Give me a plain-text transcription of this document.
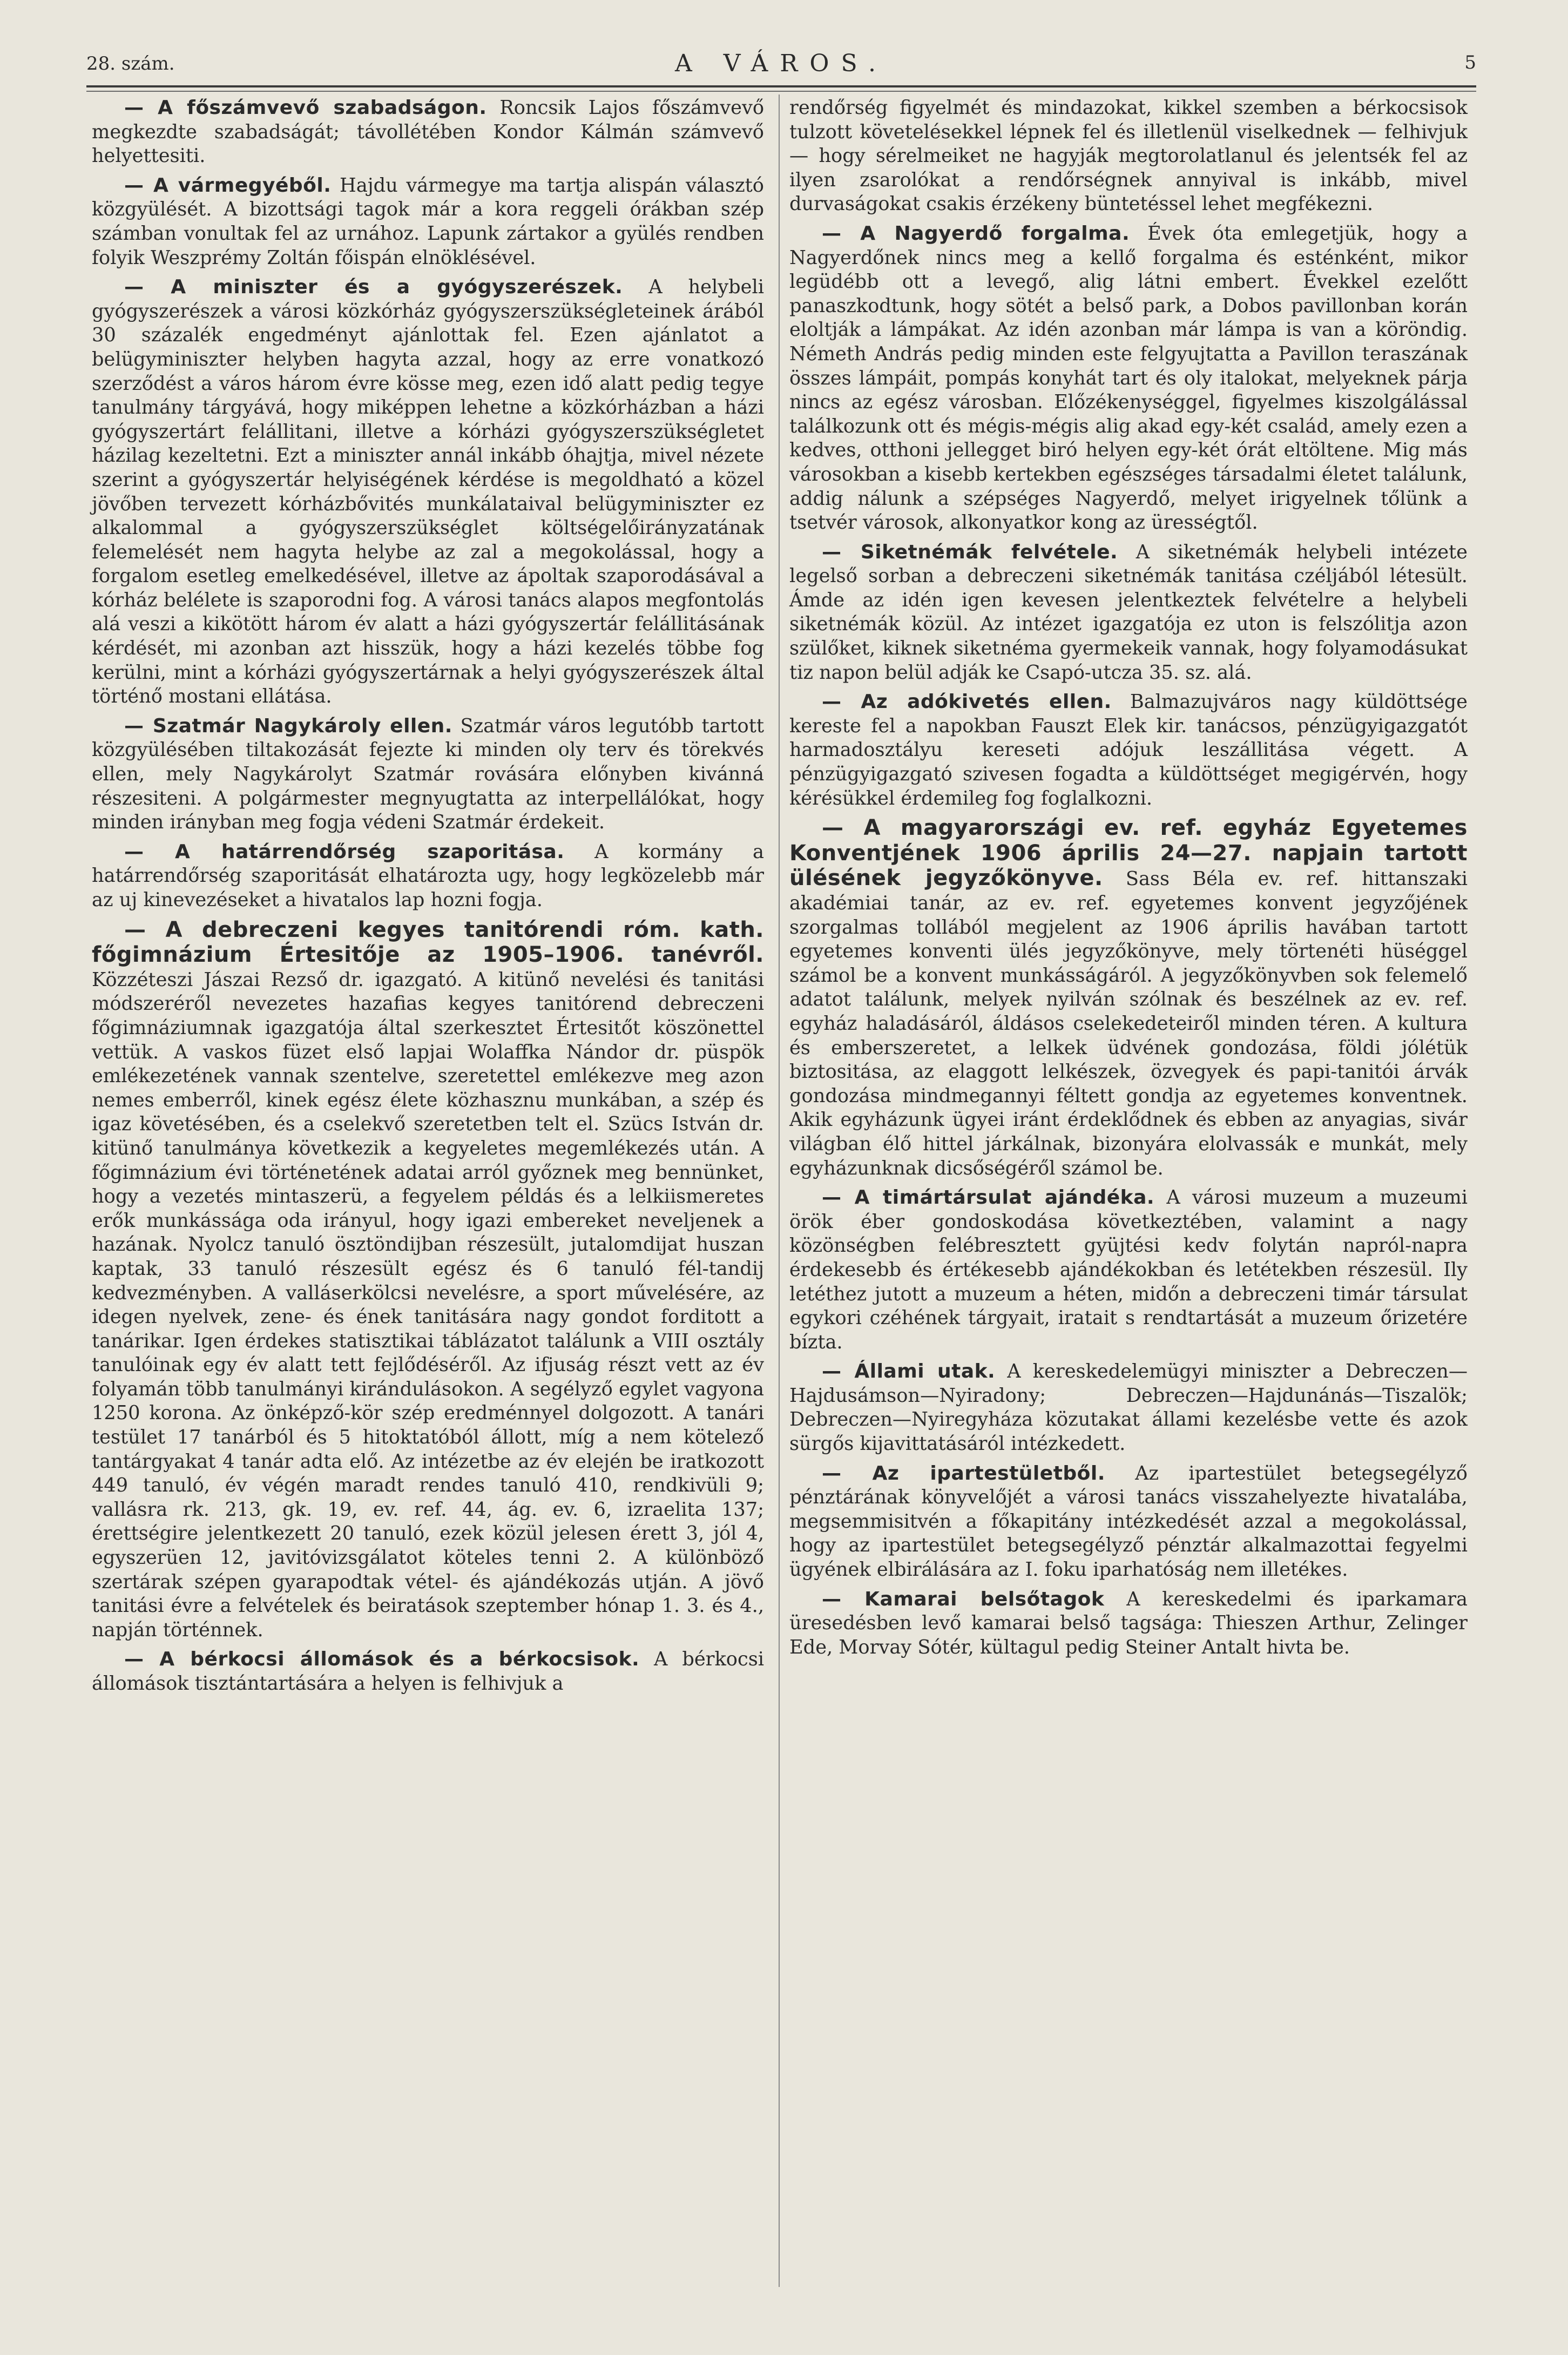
28. szám.	A VÁROS.	5

— A főszámvevő szabadságon. Roncsik Lajos főszámvevő megkezdte szabadságát; távollétében Kondor Kálmán számvevő helyettesiti.

— A vármegyéből. Hajdu vármegye ma tartja alispán választó közgyülését. A bizottsági tagok már a kora reggeli órákban szép számban vonultak fel az urnához. Lapunk zártakor a gyülés rendben folyik Weszprémy Zoltán főispán elnöklésével.

— A miniszter és a gyógyszerészek. A helybeli gyógyszerészek a városi közkórház gyógyszerszükségleteinek árából 30 százalék engedményt ajánlottak fel. Ezen ajánlatot a belügyminiszter helyben hagyta azzal, hogy az erre vonatkozó szerződést a város három évre kösse meg, ezen idő alatt pedig tegye tanulmány tárgyává, hogy miképpen lehetne a közkórházban a házi gyógyszertárt felállitani, illetve a kórházi gyógyszerszükségletet házilag kezeltetni. Ezt a miniszter annál inkább óhajtja, mivel nézete szerint a gyógyszertár helyiségének kérdése is megoldható a közel jövőben tervezett kórházbővités munkálataival belügyminiszter ez alkalommal a gyógyszerszükséglet költségelőirányzatának felemelését nem hagyta helybe az zal a megokolással, hogy a forgalom esetleg emelkedésével, illetve az ápoltak szaporodásával a kórház belélete is szaporodni fog. A városi tanács alapos megfontolás alá veszi a kikötött három év alatt a házi gyógyszertár felállitásának kérdését, mi azonban azt hisszük, hogy a házi kezelés többe fog kerülni, mint a kórházi gyógyszertárnak a helyi gyógyszerészek által történő mostani ellátása.

— Szatmár Nagykároly ellen. Szatmár város legutóbb tartott közgyülésében tiltakozását fejezte ki minden oly terv és törekvés ellen, mely Nagykárolyt Szatmár rovására előnyben kivánná részesiteni. A polgármester megnyugtatta az interpellálókat, hogy minden irányban meg fogja védeni Szatmár érdekeit.

— A határrendőrség szaporitása. A kormány a határrendőrség szaporitását elhatározta ugy, hogy legközelebb már az uj kinevezéseket a hivatalos lap hozni fogja.

— A debreczeni kegyes tanitórendi róm. kath. főgimnázium Értesitője az 1905–1906. tanévről. Közzéteszi Jászai Rezső dr. igazgató. A kitünő nevelési és tanitási módszeréről nevezetes hazafias kegyes tanitórend debreczeni főgimnáziumnak igazgatója által szerkesztet Értesitőt köszönettel vettük. A vaskos füzet első lapjai Wolaffka Nándor dr. püspök emlékezetének vannak szentelve, szeretettel emlékezve meg azon nemes emberről, kinek egész élete közhasznu munkában, a szép és igaz követésében, és a cselekvő szeretetben telt el. Szücs István dr. kitünő tanulmánya következik a kegyeletes megemlékezés után. A főgimnázium évi történetének adatai arról győznek meg bennünket, hogy a vezetés mintaszerü, a fegyelem példás és a lelkiismeretes erők munkássága oda irányul, hogy igazi embereket neveljenek a hazának. Nyolcz tanuló ösztöndijban részesült, jutalomdijat huszan kaptak, 33 tanuló részesült egész és 6 tanuló fél-tandij kedvezményben. A valláserkölcsi nevelésre, a sport művelésére, az idegen nyelvek, zene- és ének tanitására nagy gondot forditott a tanárikar. Igen érdekes statisztikai táblázatot találunk a VIII osztály tanulóinak egy év alatt tett fejlődéséről. Az ifjuság részt vett az év folyamán több tanulmányi kirándulásokon. A segélyző egylet vagyona 1250 korona. Az önképző-kör szép eredménnyel dolgozott. A tanári testület 17 tanárból és 5 hitoktatóból állott, míg a nem kötelező tantárgyakat 4 tanár adta elő. Az intézetbe az év elején be iratkozott 449 tanuló, év végén maradt rendes tanuló 410, rendkivüli 9; vallásra rk. 213, gk. 19, ev. ref. 44, ág. ev. 6, izraelita 137; érettségire jelentkezett 20 tanuló, ezek közül jelesen érett 3, jól 4, egyszerüen 12, javitóvizsgálatot köteles tenni 2. A különböző szertárak szépen gyarapodtak vétel- és ajándékozás utján. A jövő tanitási évre a felvételek és beiratások szeptember hónap 1. 3. és 4., napján történnek.

— A bérkocsi állomások és a bérkocsisok. A bérkocsi állomások tisztántartására a helyen is felhivjuk a

rendőrség figyelmét és mindazokat, kikkel szemben a bérkocsisok tulzott követelésekkel lépnek fel és illetlenül viselkednek — felhivjuk — hogy sérelmeiket ne hagyják megtorolatlanul és jelentsék fel az ilyen zsarolókat a rendőrségnek annyival is inkább, mivel durvaságokat csakis érzékeny büntetéssel lehet megfékezni.

— A Nagyerdő forgalma. Évek óta emlegetjük, hogy a Nagyerdőnek nincs meg a kellő forgalma és esténként, mikor legüdébb ott a levegő, alig látni embert. Évekkel ezelőtt panaszkodtunk, hogy sötét a belső park, a Dobos pavillonban korán eloltják a lámpákat. Az idén azonban már lámpa is van a köröndig. Németh András pedig minden este felgyujtatta a Pavillon teraszának összes lámpáit, pompás konyhát tart és oly italokat, melyeknek párja nincs az egész városban. Előzékenységgel, figyelmes kiszolgálással találkozunk ott és mégis-mégis alig akad egy-két család, amely ezen a kedves, otthoni jellegget biró helyen egy-két órát eltöltene. Mig más városokban a kisebb kertekben egészséges társadalmi életet találunk, addig nálunk a szépséges Nagyerdő, melyet irigyelnek tőlünk a tsetvér városok, alkonyatkor kong az ürességtől.

— Siketnémák felvétele. A siketnémák helybeli intézete legelső sorban a debreczeni siketnémák tanitása czéljából létesült. Ámde az idén igen kevesen jelentkeztek felvételre a helybeli siketnémák közül. Az intézet igazgatója ez uton is felszólitja azon szülőket, kiknek siketnéma gyermekeik vannak, hogy folyamodásukat tiz napon belül adják ke Csapó-utcza 35. sz. alá.

— Az adókivetés ellen. Balmazujváros nagy küldöttsége kereste fel a napokban Fauszt Elek kir. tanácsos, pénzügyigazgatót harmadosztályu kereseti adójuk leszállitása végett. A pénzügyigazgató szivesen fogadta a küldöttséget megigérvén, hogy kérésükkel érdemileg fog foglalkozni.

— A magyarországi ev. ref. egyház Egyetemes Konventjének 1906 április 24—27. napjain tartott ülésének jegyzőkönyve. Sass Béla ev. ref. hittanszaki akadémiai tanár, az ev. ref. egyetemes konvent jegyzőjének szorgalmas tollából megjelent az 1906 április havában tartott egyetemes konventi ülés jegyzőkönyve, mely törtenéti hüséggel számol be a konvent munkásságáról. A jegyzőkönyvben sok felemelő adatot találunk, melyek nyilván szólnak és beszélnek az ev. ref. egyház haladásáról, áldásos cselekedeteiről minden téren. A kultura és emberszeretet, a lelkek üdvének gondozása, földi jólétük biztositása, az elaggott lelkészek, özvegyek és papi-tanitói árvák gondozása mindmegannyi féltett gondja az egyetemes konventnek. Akik egyházunk ügyei iránt érdeklődnek és ebben az anyagias, sivár világban élő hittel járkálnak, bizonyára elolvassák e munkát, mely egyházunknak dicsőségéről számol be.

— A timártársulat ajándéka. A városi muzeum a muzeumi örök éber gondoskodása következtében, valamint a nagy közönségben felébresztett gyüjtési kedv folytán napról-napra érdekesebb és értékesebb ajándékokban és letétekben részesül. Ily letéthez jutott a muzeum a héten, midőn a debreczeni timár társulat egykori czéhének tárgyait, iratait s rendtartását a muzeum őrizetére bízta.

— Állami utak. A kereskedelemügyi miniszter a Debreczen—Hajdusámson—Nyiradony; Debreczen—Hajdunánás—Tiszalök; Debreczen—Nyiregyháza közutakat állami kezelésbe vette és azok sürgős kijavittatásáról intézkedett.

— Az ipartestületből. Az ipartestület betegsegélyző pénztárának könyvelőjét a városi tanács visszahelyezte hivatalába, megsemmisitvén a főkapitány intézkedését azzal a megokolással, hogy az ipartestület betegsegélyző pénztár alkalmazottai fegyelmi ügyének elbirálására az I. foku iparhatóság nem illetékes.

— Kamarai belsőtagok A kereskedelmi és iparkamara üresedésben levő kamarai belső tagsága: Thieszen Arthur, Zelinger Ede, Morvay Sótér, kültagul pedig Steiner Antalt hivta be.
